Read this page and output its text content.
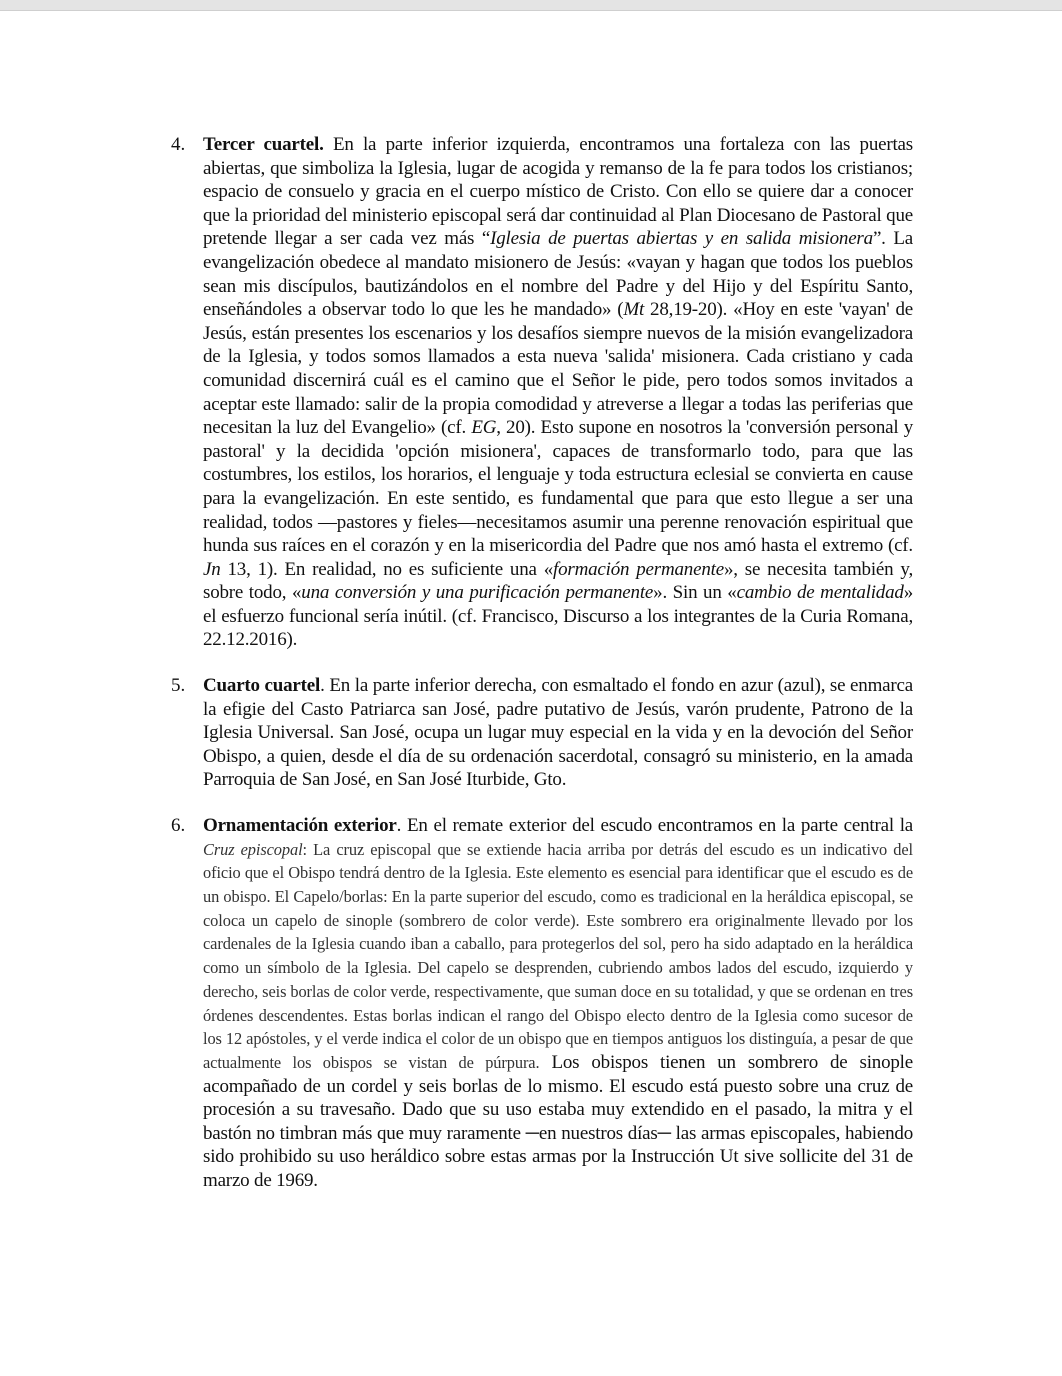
4. Tercer cuartel. En la parte inferior izquierda, encontramos una fortaleza con las puertas abiertas, que simboliza la Iglesia, lugar de acogida y remanso de la fe para todos los cristianos; espacio de consuelo y gracia en el cuerpo místico de Cristo. Con ello se quiere dar a conocer que la prioridad del ministerio episcopal será dar continuidad al Plan Diocesano de Pastoral que pretende llegar a ser cada vez más “Iglesia de puertas abiertas y en salida misionera”. La evangelización obedece al mandato misionero de Jesús: «vayan y hagan que todos los pueblos sean mis discípulos, bautizándolos en el nombre del Padre y del Hijo y del Espíritu Santo, enseñándoles a observar todo lo que les he mandado» (Mt 28,19-20). «Hoy en este 'vayan' de Jesús, están presentes los escenarios y los desafíos siempre nuevos de la misión evangelizadora de la Iglesia, y todos somos llamados a esta nueva 'salida' misionera. Cada cristiano y cada comunidad discernirá cuál es el camino que el Señor le pide, pero todos somos invitados a aceptar este llamado: salir de la propia comodidad y atreverse a llegar a todas las periferias que necesitan la luz del Evangelio» (cf. EG, 20). Esto supone en nosotros la 'conversión personal y pastoral' y la decidida 'opción misionera', capaces de transformarlo todo, para que las costumbres, los estilos, los horarios, el lenguaje y toda estructura eclesial se convierta en cause para la evangelización. En este sentido, es fundamental que para que esto llegue a ser una realidad, todos —pastores y fieles—necesitamos asumir una perenne renovación espiritual que hunda sus raíces en el corazón y en la misericordia del Padre que nos amó hasta el extremo (cf. Jn 13, 1). En realidad, no es suficiente una «formación permanente», se necesita también y, sobre todo, «una conversión y una purificación permanente». Sin un «cambio de mentalidad» el esfuerzo funcional sería inútil. (cf. Francisco, Discurso a los integrantes de la Curia Romana, 22.12.2016).
5. Cuarto cuartel. En la parte inferior derecha, con esmaltado el fondo en azur (azul), se enmarca la efigie del Casto Patriarca san José, padre putativo de Jesús, varón prudente, Patrono de la Iglesia Universal. San José, ocupa un lugar muy especial en la vida y en la devoción del Señor Obispo, a quien, desde el día de su ordenación sacerdotal, consagró su ministerio, en la amada Parroquia de San José, en San José Iturbide, Gto.
6. Ornamentación exterior. En el remate exterior del escudo encontramos en la parte central la Cruz episcopal: La cruz episcopal que se extiende hacia arriba por detrás del escudo es un indicativo del oficio que el Obispo tendrá dentro de la Iglesia. Este elemento es esencial para identificar que el escudo es de un obispo. El Capelo/borlas: En la parte superior del escudo, como es tradicional en la heráldica episcopal, se coloca un capelo de sinople (sombrero de color verde). Este sombrero era originalmente llevado por los cardenales de la Iglesia cuando iban a caballo, para protegerlos del sol, pero ha sido adaptado en la heráldica como un símbolo de la Iglesia. Del capelo se desprenden, cubriendo ambos lados del escudo, izquierdo y derecho, seis borlas de color verde, respectivamente, que suman doce en su totalidad, y que se ordenan en tres órdenes descendentes. Estas borlas indican el rango del Obispo electo dentro de la Iglesia como sucesor de los 12 apóstoles, y el verde indica el color de un obispo que en tiempos antiguos los distinguía, a pesar de que actualmente los obispos se vistan de púrpura. Los obispos tienen un sombrero de sinople acompañado de un cordel y seis borlas de lo mismo. El escudo está puesto sobre una cruz de procesión a su travesaño. Dado que su uso estaba muy extendido en el pasado, la mitra y el bastón no timbran más que muy raramente ─en nuestros días─ las armas episcopales, habiendo sido prohibido su uso heráldico sobre estas armas por la Instrucción Ut sive sollicite del 31 de marzo de 1969.
